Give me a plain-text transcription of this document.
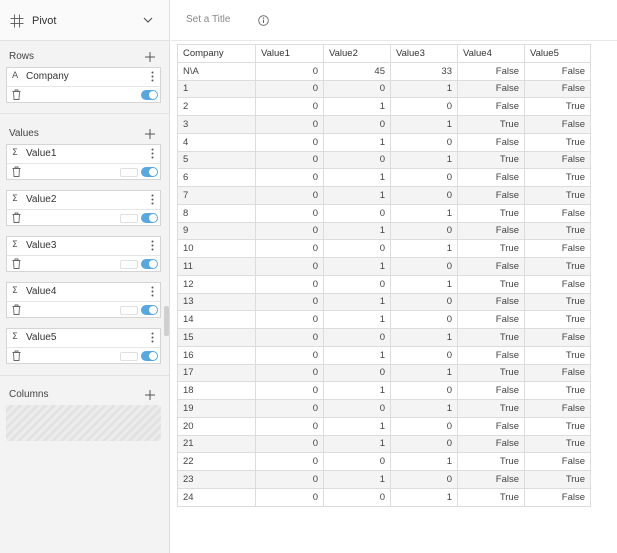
Pivot
Rows
A Company
Values
Σ Value1
Σ Value2
Σ Value3
Σ Value4
Σ Value5
Columns
Set a Title
Company	Value1	Value2	Value3	Value4	Value5
N\A	0	45	33	False	False
1	0	0	1	False	False
2	0	1	0	False	True
3	0	0	1	True	False
4	0	1	0	False	True
5	0	0	1	True	False
6	0	1	0	False	True
7	0	1	0	False	True
8	0	0	1	True	False
9	0	1	0	False	True
10	0	0	1	True	False
11	0	1	0	False	True
12	0	0	1	True	False
13	0	1	0	False	True
14	0	1	0	False	True
15	0	0	1	True	False
16	0	1	0	False	True
17	0	0	1	True	False
18	0	1	0	False	True
19	0	0	1	True	False
20	0	1	0	False	True
21	0	1	0	False	True
22	0	0	1	True	False
23	0	1	0	False	True
24	0	0	1	True	False
